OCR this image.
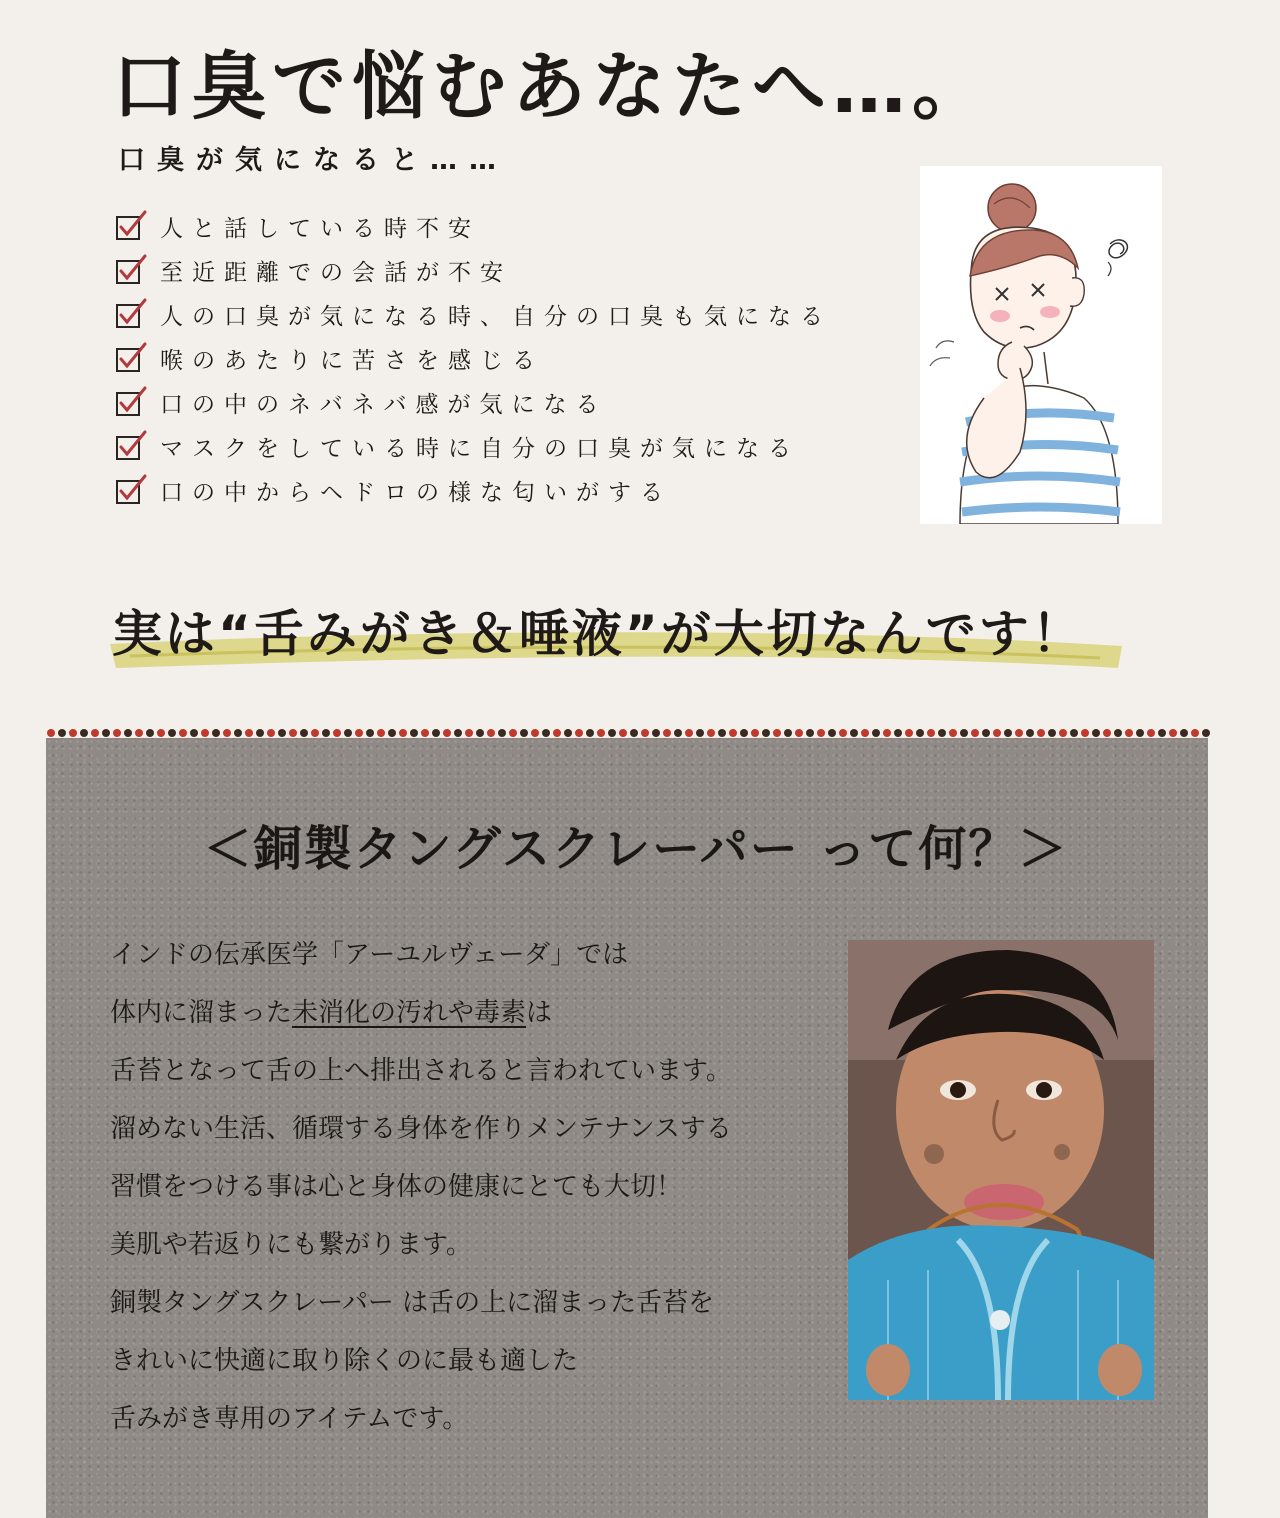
口臭で悩むあなたへ…。
口臭が気になると……
人と話している時不安
至近距離での会話が不安
人の口臭が気になる時、自分の口臭も気になる
喉のあたりに苦さを感じる
口の中のネバネバ感が気になる
マスクをしている時に自分の口臭が気になる
口の中からヘドロの様な匂いがする
実は“舌みがき＆唾液”が大切なんです！
＜銅製タングスクレーパー って何？＞
インドの伝承医学「アーユルヴェーダ」では
体内に溜まった未消化の汚れや毒素は
舌苔となって舌の上へ排出されると言われています。
溜めない生活、循環する身体を作りメンテナンスする
習慣をつける事は心と身体の健康にとても大切！
美肌や若返りにも繋がります。
銅製タングスクレーパー は舌の上に溜まった舌苔を
きれいに快適に取り除くのに最も適した
舌みがき専用のアイテムです。
